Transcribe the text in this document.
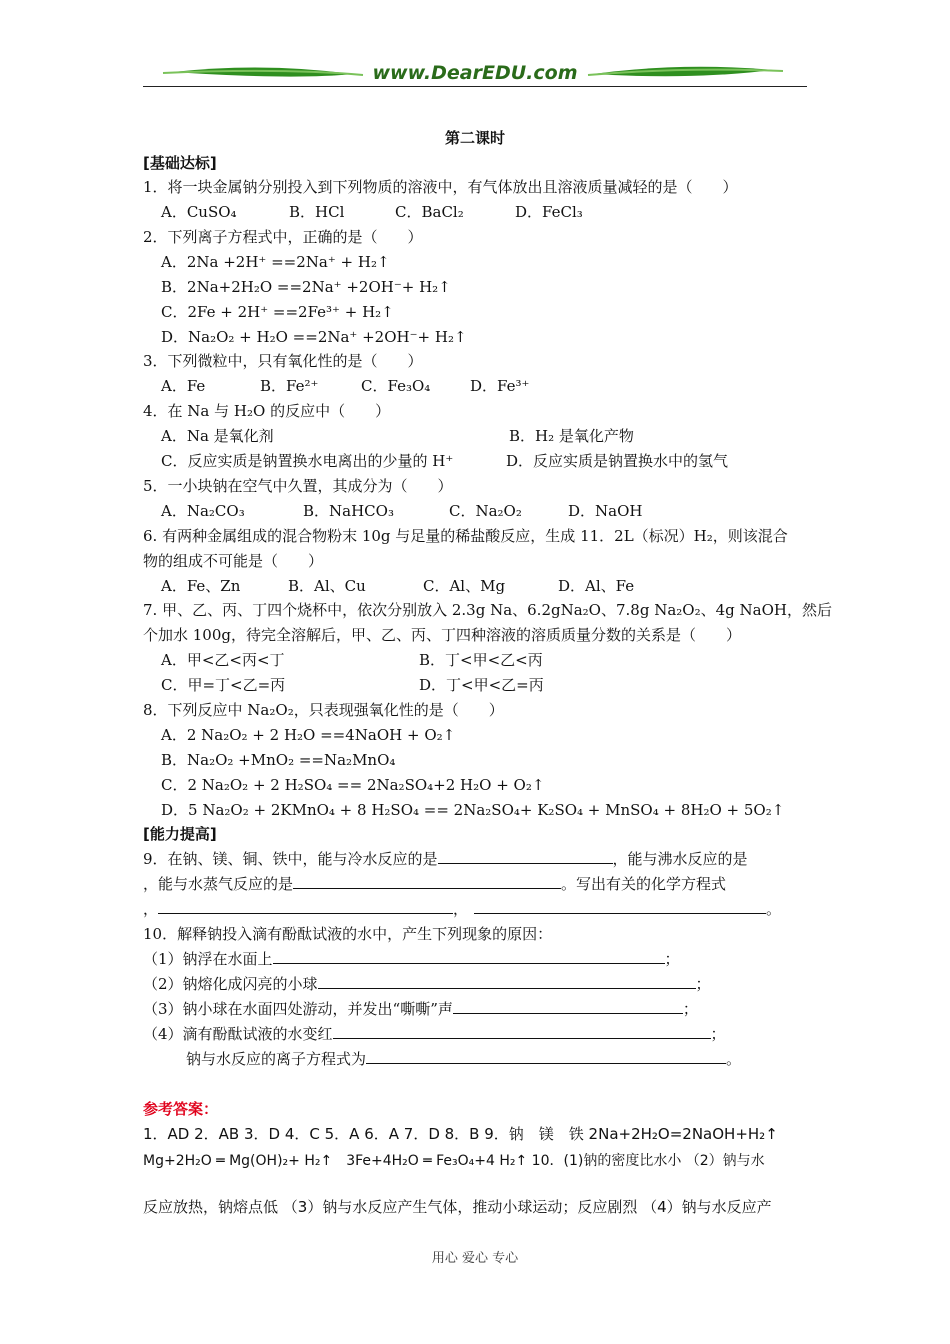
www.DearEDU.com
第二课时
[基础达标]
1．将一块金属钠分别投入到下列物质的溶液中，有气体放出且溶液质量减轻的是（　　）
A．CuSO₄	B．HCl	C．BaCl₂	D．FeCl₃
2．下列离子方程式中，正确的是（　　）
A．2Na +2H⁺ ==2Na⁺ + H₂↑
B．2Na+2H₂O ==2Na⁺ +2OH⁻+ H₂↑
C．2Fe + 2H⁺ ==2Fe³⁺ + H₂↑
D．Na₂O₂ + H₂O ==2Na⁺ +2OH⁻+ H₂↑
3．下列微粒中，只有氧化性的是（　　）
A．Fe	B．Fe²⁺	C．Fe₃O₄	D．Fe³⁺
4．在 Na 与 H₂O 的反应中（　　）
A．Na 是氧化剂	B．H₂ 是氧化产物
C．反应实质是钠置换水电离出的少量的 H⁺	D．反应实质是钠置换水中的氢气
5．一小块钠在空气中久置，其成分为（　　）
A．Na₂CO₃	B．NaHCO₃	C．Na₂O₂	D．NaOH
6. 有两种金属组成的混合物粉末 10g 与足量的稀盐酸反应，生成 11．2L（标况）H₂，则该混合
物的组成不可能是（　　）
A．Fe、Zn	B．Al、Cu	C．Al、Mg	D．Al、Fe
7. 甲、乙、丙、丁四个烧杯中，依次分别放入 2.3g Na、6.2gNa₂O、7.8g Na₂O₂、4g NaOH，然后
个加水 100g，待完全溶解后，甲、乙、丙、丁四种溶液的溶质质量分数的关系是（　　）
A．甲<乙<丙<丁	B．丁<甲<乙<丙
C．甲=丁<乙=丙	D．丁<甲<乙=丙
8．下列反应中 Na₂O₂，只表现强氧化性的是（　　）
A．2 Na₂O₂ + 2 H₂O ==4NaOH + O₂↑
B．Na₂O₂ +MnO₂ ==Na₂MnO₄
C．2 Na₂O₂ + 2 H₂SO₄ == 2Na₂SO₄+2 H₂O + O₂↑
D．5 Na₂O₂ + 2KMnO₄ + 8 H₂SO₄ == 2Na₂SO₄+ K₂SO₄ + MnSO₄ + 8H₂O + 5O₂↑
[能力提高]
9．在钠、镁、铜、铁中，能与冷水反应的是	，能与沸水反应的是
，能与水蒸气反应的是	。写出有关的化学方程式
，	，	。
10．解释钠投入滴有酚酞试液的水中，产生下列现象的原因：
（1）钠浮在水面上	；
（2）钠熔化成闪亮的小球	；
（3）钠小球在水面四处游动，并发出“嘶嘶”声	；
（4）滴有酚酞试液的水变红	；
钠与水反应的离子方程式为	。
参考答案：
1．AD 2．AB 3．D 4．C 5．A 6．A 7．D 8．B 9．钠　镁　铁 2Na+2H₂O=2NaOH+H₂↑
Mg+2H₂O ═ Mg(OH)₂+ H₂↑　3Fe+4H₂O ═ Fe₃O₄+4 H₂↑ 10．(1)钠的密度比水小 （2）钠与水
反应放热，钠熔点低 （3）钠与水反应产生气体，推动小球运动；反应剧烈 （4）钠与水反应产
用心 爱心 专心
